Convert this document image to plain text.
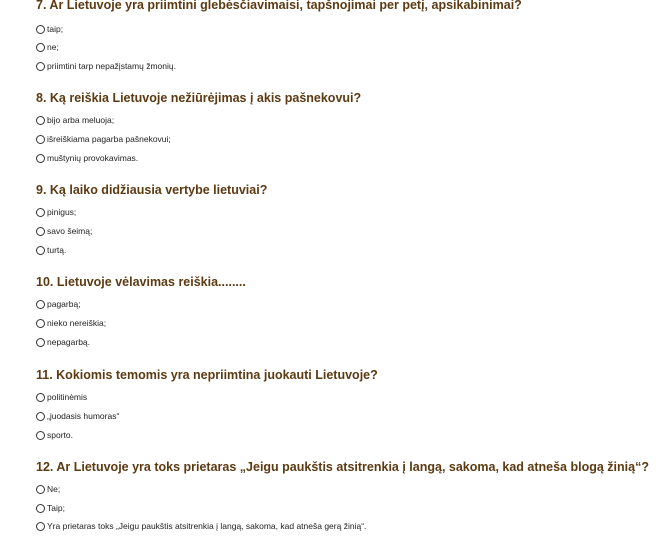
7. Ar Lietuvoje yra priimtini glebėsčiavimaisi, tapšnojimai per petį, apsikabinimai?
taip;
ne;
priimtini tarp nepažįstamų žmonių.
8. Ką reiškia Lietuvoje nežiūrėjimas į akis pašnekovui?
bijo arba meluoja;
išreiškiama pagarba pašnekovui;
muštynių provokavimas.
9. Ką laiko didžiausia vertybe lietuviai?
pinigus;
savo šeimą;
turtą.
10. Lietuvoje vėlavimas reiškia........
pagarbą;
nieko nereiškia;
nepagarbą.
11. Kokiomis temomis yra nepriimtina juokauti Lietuvoje?
politinėmis
„juodasis humoras“
sporto.
12. Ar Lietuvoje yra toks prietaras „Jeigu paukštis atsitrenkia į langą, sakoma, kad atneša blogą žinią“?
Ne;
Taip;
Yra prietaras toks „Jeigu paukštis atsitrenkia į langą, sakoma, kad atneša gerą žinią“.
